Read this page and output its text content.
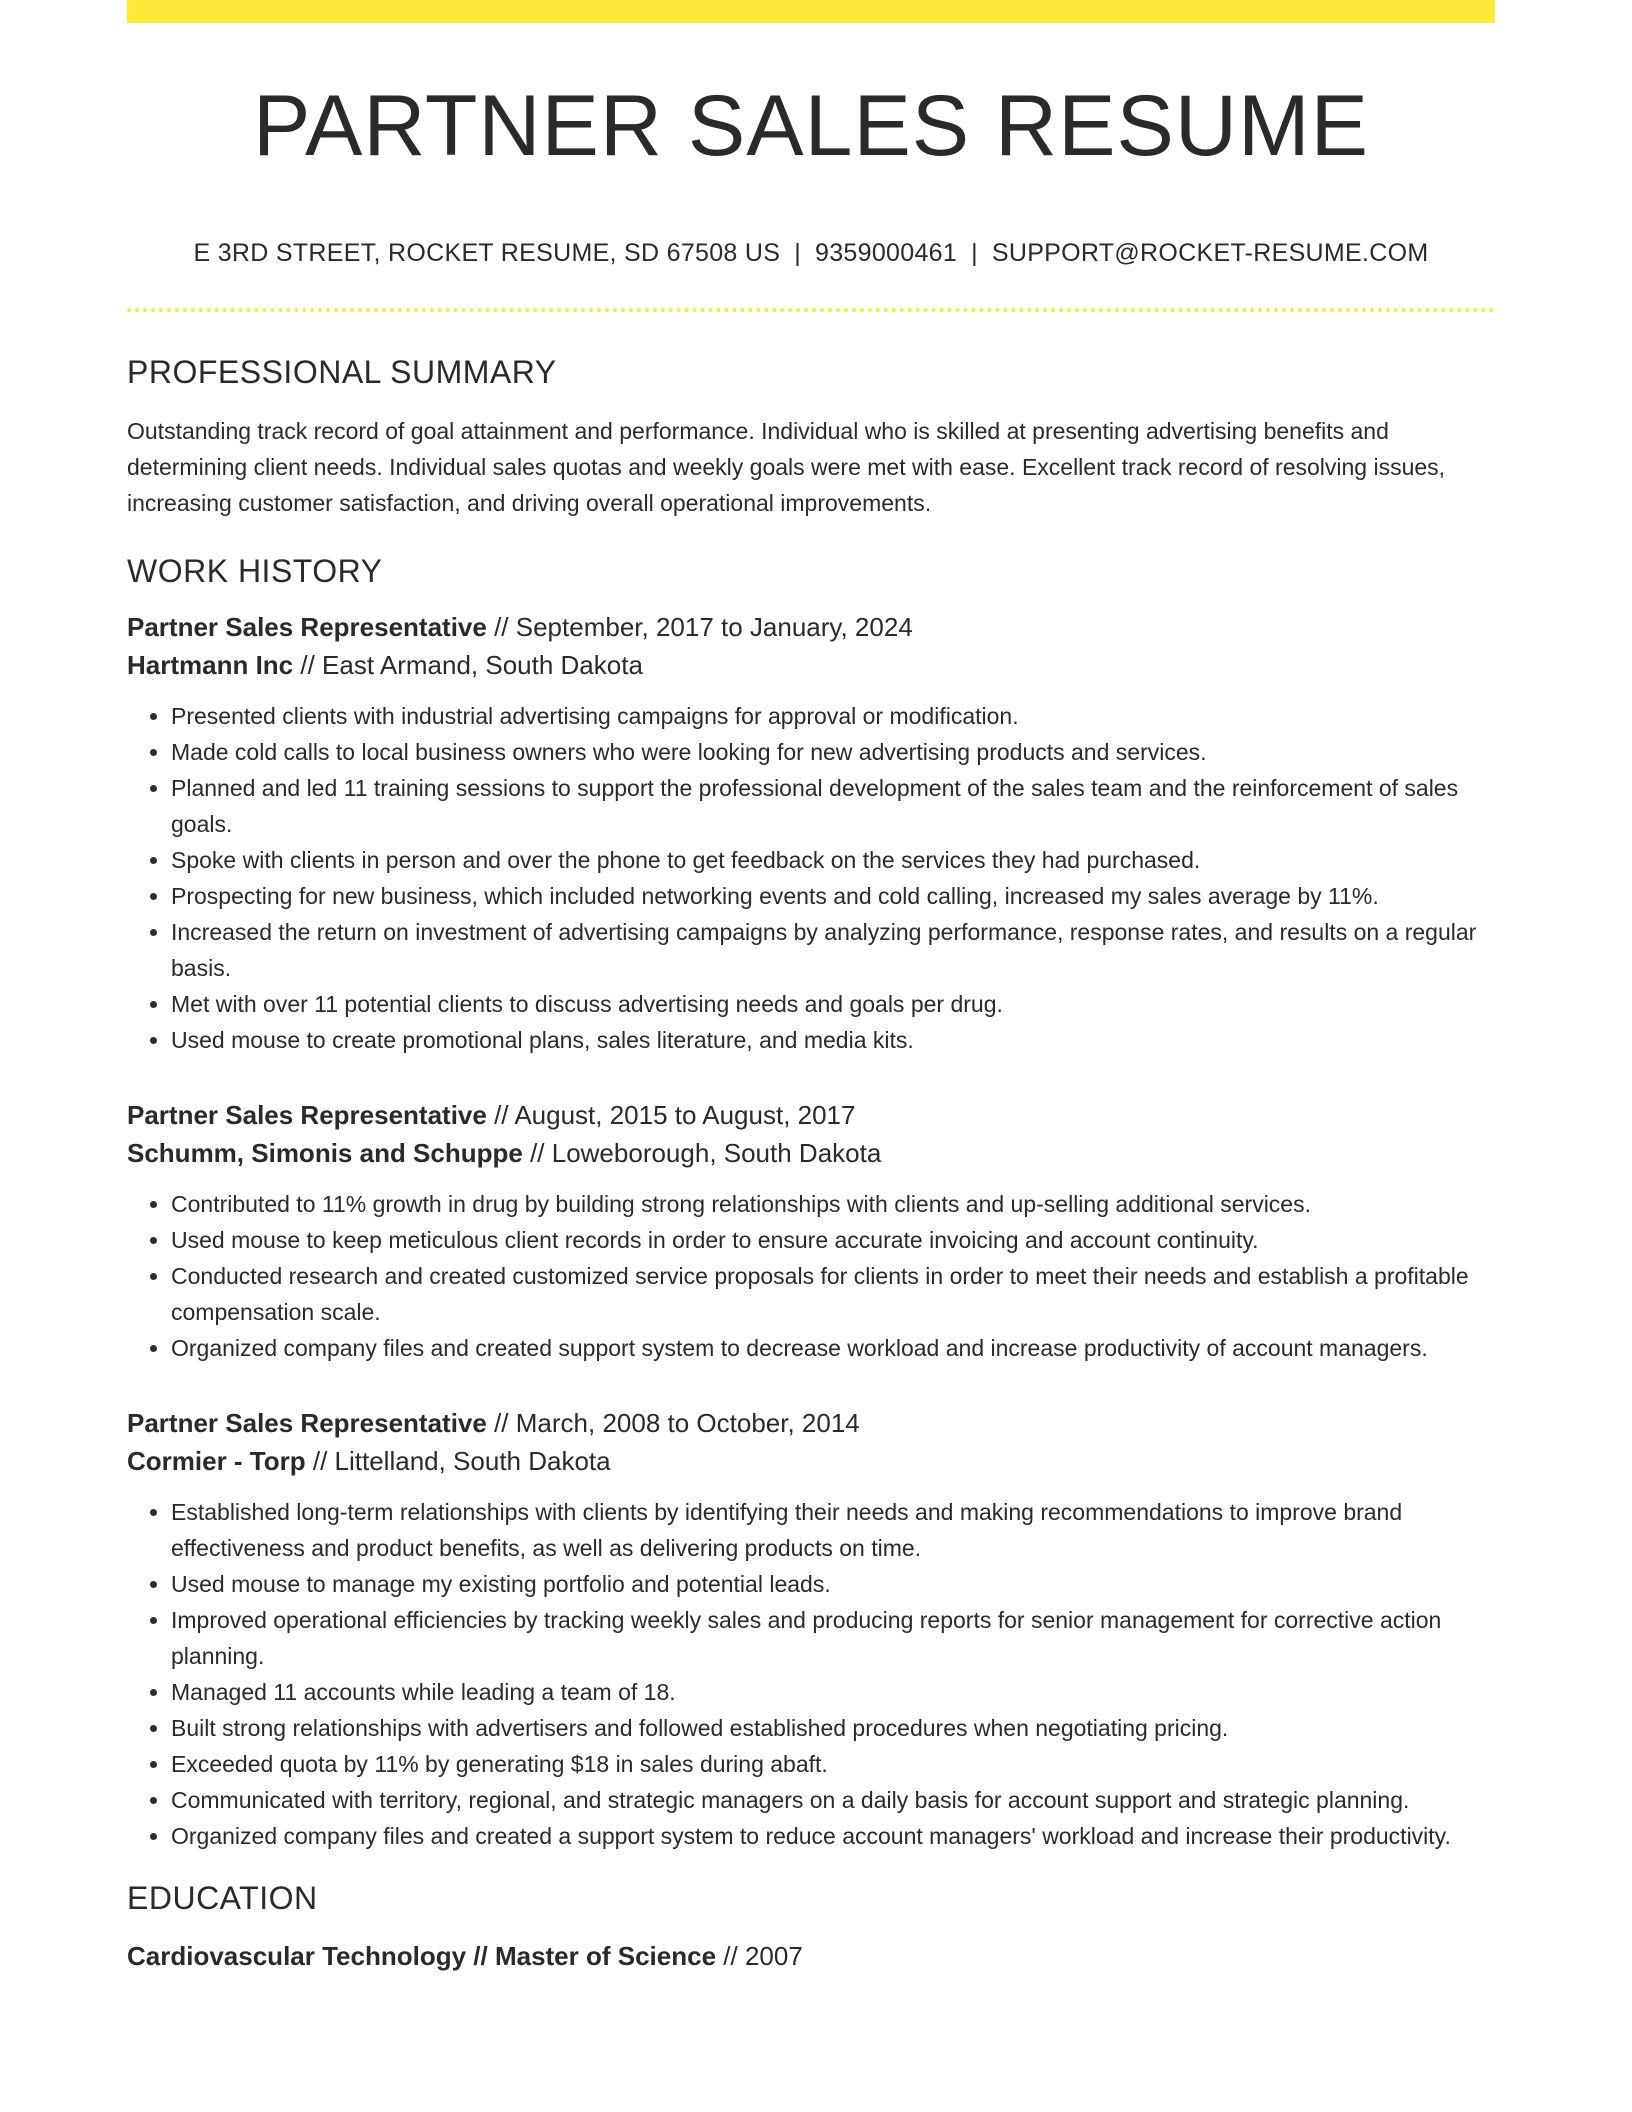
PARTNER SALES RESUME
E 3RD STREET, ROCKET RESUME, SD 67508 US | 9359000461 | SUPPORT@ROCKET-RESUME.COM
PROFESSIONAL SUMMARY
Outstanding track record of goal attainment and performance. Individual who is skilled at presenting advertising benefits and determining client needs. Individual sales quotas and weekly goals were met with ease. Excellent track record of resolving issues, increasing customer satisfaction, and driving overall operational improvements.
WORK HISTORY
Partner Sales Representative // September, 2017 to January, 2024
Hartmann Inc // East Armand, South Dakota
• Presented clients with industrial advertising campaigns for approval or modification.
• Made cold calls to local business owners who were looking for new advertising products and services.
• Planned and led 11 training sessions to support the professional development of the sales team and the reinforcement of sales goals.
• Spoke with clients in person and over the phone to get feedback on the services they had purchased.
• Prospecting for new business, which included networking events and cold calling, increased my sales average by 11%.
• Increased the return on investment of advertising campaigns by analyzing performance, response rates, and results on a regular basis.
• Met with over 11 potential clients to discuss advertising needs and goals per drug.
• Used mouse to create promotional plans, sales literature, and media kits.
Partner Sales Representative // August, 2015 to August, 2017
Schumm, Simonis and Schuppe // Loweborough, South Dakota
• Contributed to 11% growth in drug by building strong relationships with clients and up-selling additional services.
• Used mouse to keep meticulous client records in order to ensure accurate invoicing and account continuity.
• Conducted research and created customized service proposals for clients in order to meet their needs and establish a profitable compensation scale.
• Organized company files and created support system to decrease workload and increase productivity of account managers.
Partner Sales Representative // March, 2008 to October, 2014
Cormier - Torp // Littelland, South Dakota
• Established long-term relationships with clients by identifying their needs and making recommendations to improve brand effectiveness and product benefits, as well as delivering products on time.
• Used mouse to manage my existing portfolio and potential leads.
• Improved operational efficiencies by tracking weekly sales and producing reports for senior management for corrective action planning.
• Managed 11 accounts while leading a team of 18.
• Built strong relationships with advertisers and followed established procedures when negotiating pricing.
• Exceeded quota by 11% by generating $18 in sales during abaft.
• Communicated with territory, regional, and strategic managers on a daily basis for account support and strategic planning.
• Organized company files and created a support system to reduce account managers' workload and increase their productivity.
EDUCATION
Cardiovascular Technology // Master of Science // 2007
